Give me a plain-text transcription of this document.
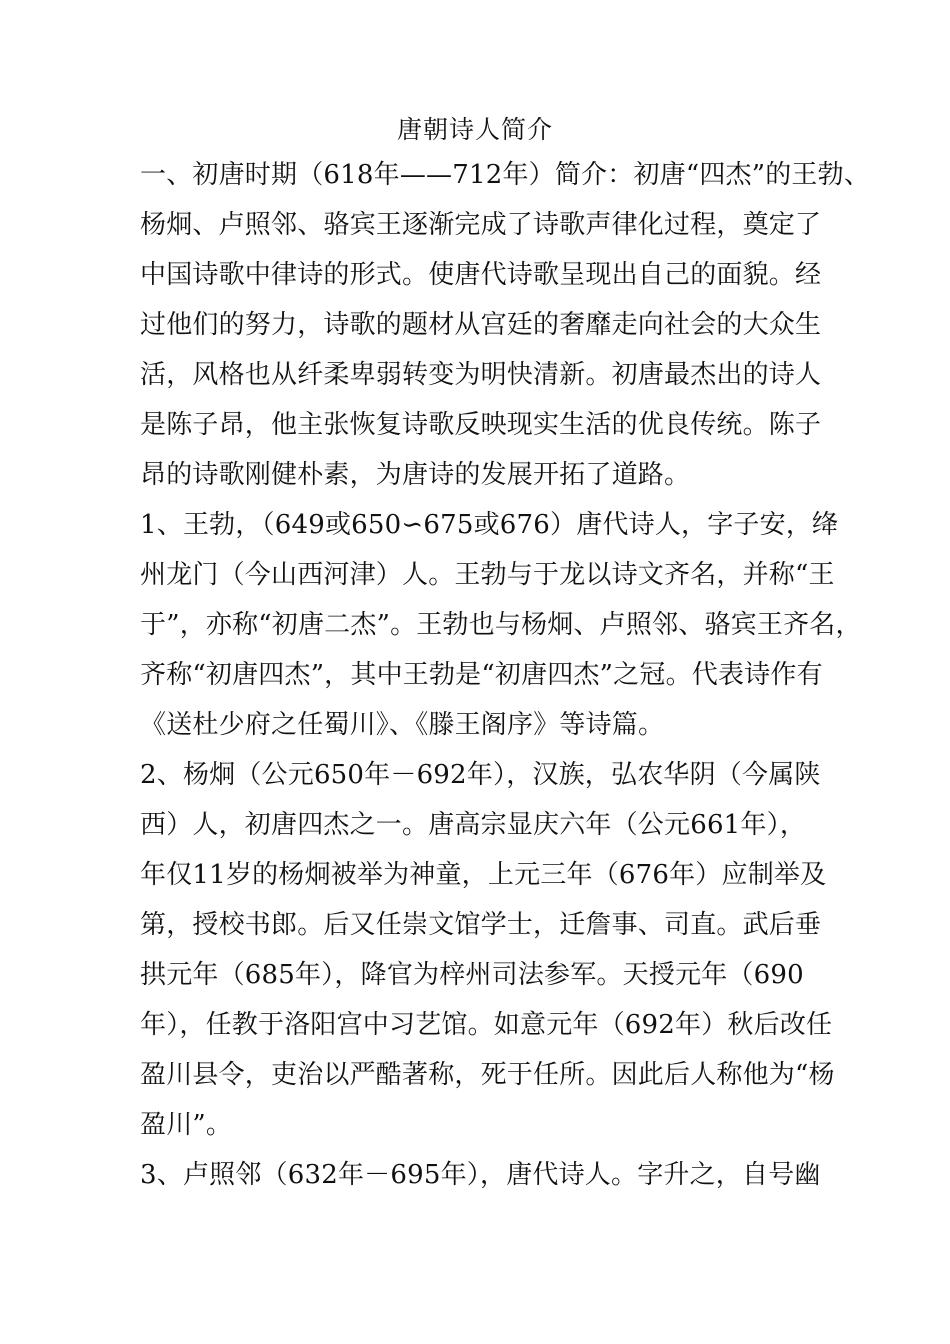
唐朝诗人简介
一、初唐时期（618年——712年）简介：初唐“四杰”的王勃、
杨炯、卢照邻、骆宾王逐渐完成了诗歌声律化过程，奠定了
中国诗歌中律诗的形式。使唐代诗歌呈现出自己的面貌。经
过他们的努力，诗歌的题材从宫廷的奢靡走向社会的大众生
活，风格也从纤柔卑弱转变为明快清新。初唐最杰出的诗人
是陈子昂，他主张恢复诗歌反映现实生活的优良传统。陈子
昂的诗歌刚健朴素，为唐诗的发展开拓了道路。
1、王勃，（649或650∽675或676）唐代诗人，字子安，绛
州龙门（今山西河津）人。王勃与于龙以诗文齐名，并称“王
于”，亦称“初唐二杰”。王勃也与杨炯、卢照邻、骆宾王齐名，
齐称“初唐四杰”，其中王勃是“初唐四杰”之冠。代表诗作有
《送杜少府之任蜀川》、《滕王阁序》等诗篇。
2、杨炯（公元650年－692年），汉族，弘农华阴（今属陕
西）人，初唐四杰之一。唐高宗显庆六年（公元661年），
年仅11岁的杨炯被举为神童，上元三年（676年）应制举及
第，授校书郎。后又任崇文馆学士，迁詹事、司直。武后垂
拱元年（685年），降官为梓州司法参军。天授元年（690
年），任教于洛阳宫中习艺馆。如意元年（692年）秋后改任
盈川县令，吏治以严酷著称，死于任所。因此后人称他为“杨
盈川”。
3、卢照邻（632年－695年），唐代诗人。字升之，自号幽
